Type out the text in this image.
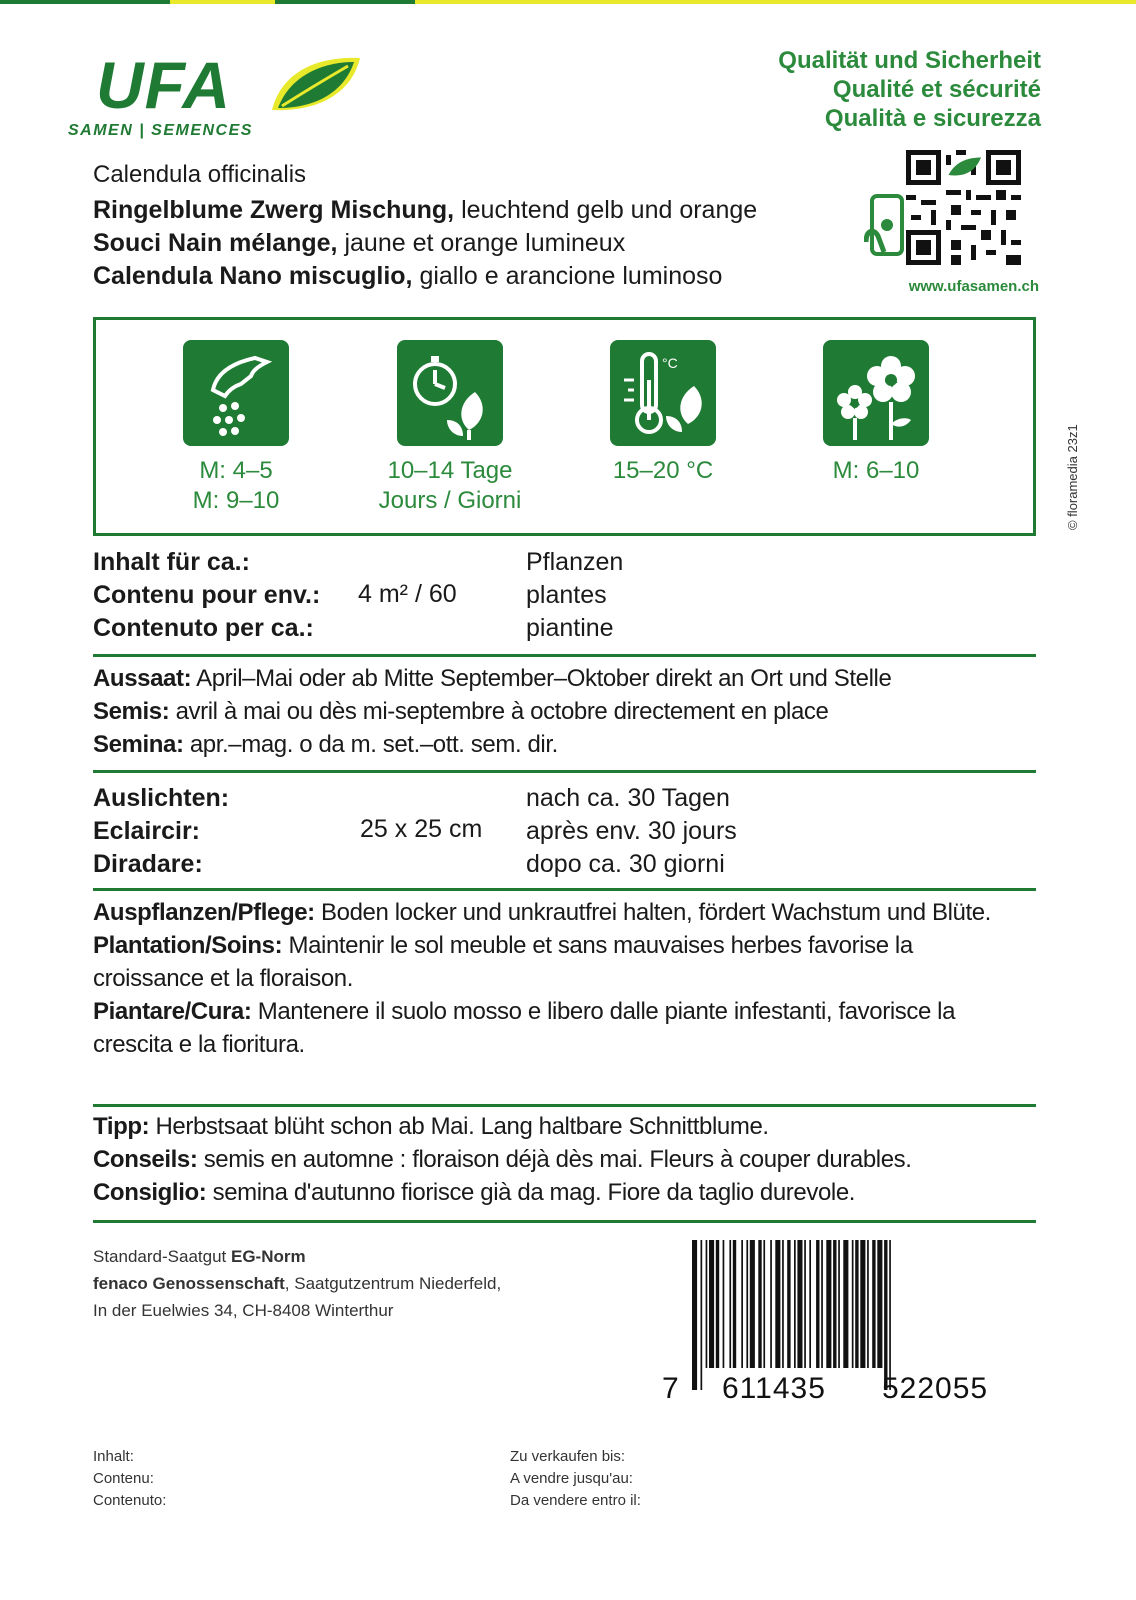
UFA
SAMEN | SEMENCES
Qualität und Sicherheit
Qualité et sécurité
Qualità e sicurezza
www.ufasamen.ch
Calendula officinalis
Ringelblume Zwerg Mischung, leuchtend gelb und orange
Souci Nain mélange, jaune et orange lumineux
Calendula Nano miscuglio, giallo e arancione luminoso
M: 4–5
M: 9–10
10–14 Tage
Jours / Giorni
°C
15–20 °C	M: 6–10	© floramedia 23z1
Inhalt für ca.:
Contenu pour env.:
Contenuto per ca.:
4 m² / 60
Pflanzen
plantes
piantine
Aussaat: April–Mai oder ab Mitte September–Oktober direkt an Ort und Stelle
Semis: avril à mai ou dès mi-septembre à octobre directement en place
Semina: apr.–mag. o da m. set.–ott. sem. dir.
Auslichten:
Eclaircir:
Diradare:
25 x 25 cm
nach ca. 30 Tagen
après env. 30 jours
dopo ca. 30 giorni
Auspflanzen/Pflege: Boden locker und unkrautfrei halten, fördert Wachstum und Blüte.
Plantation/Soins: Maintenir le sol meuble et sans mauvaises herbes favorise la croissance et la floraison.
Piantare/Cura: Mantenere il suolo mosso e libero dalle piante infestanti, favorisce la crescita e la fioritura.
Tipp: Herbstsaat blüht schon ab Mai. Lang haltbare Schnittblume.
Conseils: semis en automne : floraison déjà dès mai. Fleurs à couper durables.
Consiglio: semina d'autunno fiorisce già da mag. Fiore da taglio durevole.
Standard-Saatgut EG-Norm
fenaco Genossenschaft, Saatgutzentrum Niederfeld,
In der Euelwies 34, CH-8408 Winterthur
7 611435 522055
Inhalt:
Contenu:
Contenuto:
Zu verkaufen bis:
A vendre jusqu'au:
Da vendere entro il:
